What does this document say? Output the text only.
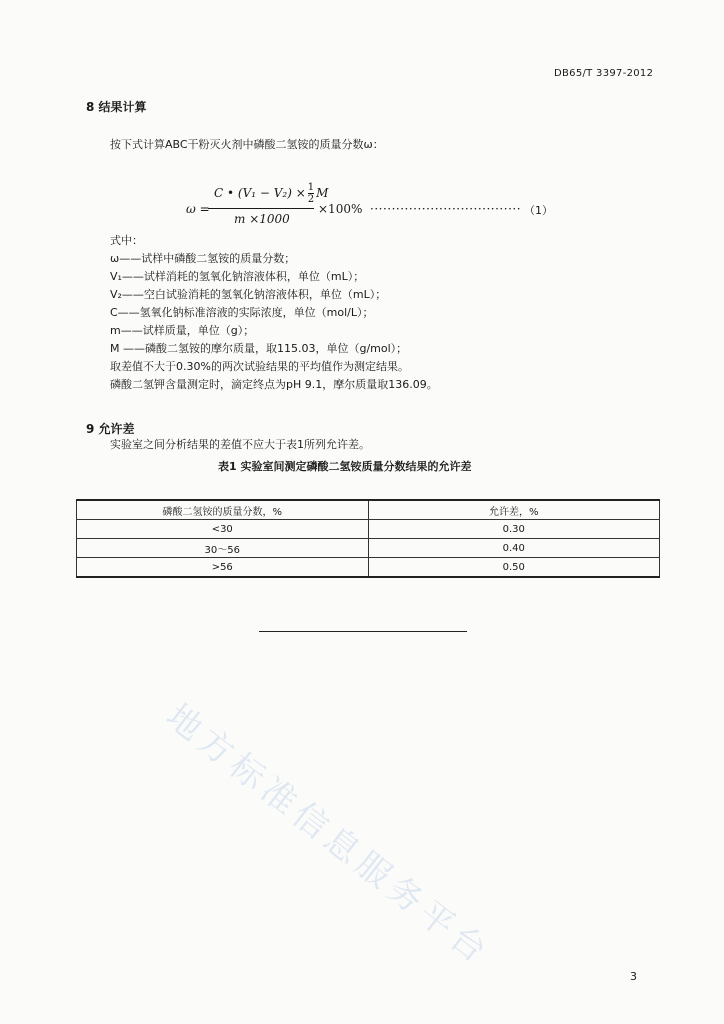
DB65/T 3397-2012
8 结果计算
按下式计算ABC干粉灭火剂中磷酸二氢铵的质量分数ω：
ω =
C • $(V_1 - V_2) \times \frac{1}{2}$ M
m ×1000
×100% ··································· （1）
式中：
ω——试样中磷酸二氢铵的质量分数；
V₁——试样消耗的氢氧化钠溶液体积，单位（mL）；
V₂——空白试验消耗的氢氧化钠溶液体积，单位（mL）；
C——氢氧化钠标准溶液的实际浓度，单位（mol/L）；
m——试样质量，单位（g）；
M ——磷酸二氢铵的摩尔质量，取115.03，单位（g/mol）；
取差值不大于0.30%的两次试验结果的平均值作为测定结果。
磷酸二氢钾含量测定时，滴定终点为pH 9.1，摩尔质量取136.09。
9 允许差
实验室之间分析结果的差值不应大于表1所列允许差。
表1 实验室间测定磷酸二氢铵质量分数结果的允许差
磷酸二氢铵的质量分数，%	允许差，%
<30	0.30
30～56	0.40
>56	0.50
地方标准信息服务平台
3
